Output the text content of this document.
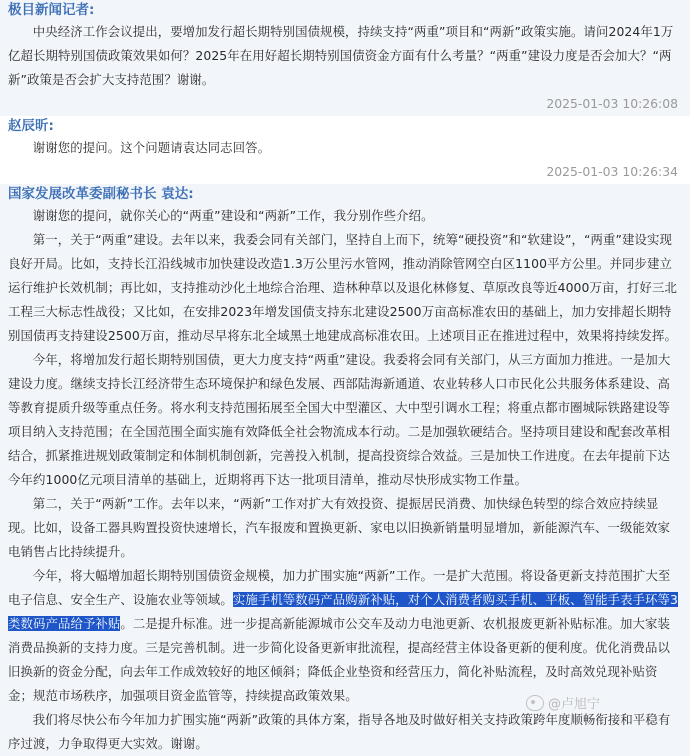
极目新闻记者:

中央经济工作会议提出，要增加发行超长期特别国债规模，持续支持“两重”项目和“两新”政策实施。请问2024年1万亿超长期特别国债政策效果如何？2025年在用好超长期特别国债资金方面有什么考量？“两重”建设力度是否会加大？“两新”政策是否会扩大支持范围？谢谢。

2025-01-03 10:26:08
赵辰昕:

谢谢您的提问。这个问题请袁达同志回答。

2025-01-03 10:26:34
国家发展改革委副秘书长 袁达:

谢谢您的提问，就你关心的“两重”建设和“两新”工作，我分别作些介绍。

第一，关于“两重”建设。去年以来，我委会同有关部门，坚持自上而下，统筹“硬投资”和“软建设”，“两重”建设实现良好开局。比如，支持长江沿线城市加快建设改造1.3万公里污水管网，推动消除管网空白区1100平方公里。并同步建立运行维护长效机制；再比如，支持推动沙化土地综合治理、造林种草以及退化林修复、草原改良等近4000万亩，打好三北工程三大标志性战役；又比如，在安排2023年增发国债支持东北建设2500万亩高标准农田的基础上，加力安排超长期特别国债再支持建设2500万亩，推动尽早将东北全域黑土地建成高标准农田。上述项目正在推进过程中，效果将持续发挥。

今年，将增加发行超长期特别国债，更大力度支持“两重”建设。我委将会同有关部门，从三方面加力推进。一是加大建设力度。继续支持长江经济带生态环境保护和绿色发展、西部陆海新通道、农业转移人口市民化公共服务体系建设、高等教育提质升级等重点任务。将水利支持范围拓展至全国大中型灌区、大中型引调水工程；将重点都市圈城际铁路建设等项目纳入支持范围；在全国范围全面实施有效降低全社会物流成本行动。二是加强软硬结合。坚持项目建设和配套改革相结合，抓紧推进规划政策制定和体制机制创新，完善投入机制，提高投资综合效益。三是加快工作进度。在去年提前下达今年约1000亿元项目清单的基础上，近期将再下达一批项目清单，推动尽快形成实物工作量。

第二，关于“两新”工作。去年以来，“两新”工作对扩大有效投资、提振居民消费、加快绿色转型的综合效应持续显现。比如，设备工器具购置投资快速增长，汽车报废和置换更新、家电以旧换新销量明显增加，新能源汽车、一级能效家电销售占比持续提升。

今年，将大幅增加超长期特别国债资金规模，加力扩围实施“两新”工作。一是扩大范围。将设备更新支持范围扩大至电子信息、安全生产、设施农业等领域。实施手机等数码产品购新补贴，对个人消费者购买手机、平板、智能手表手环等3类数码产品给予补贴。二是提升标准。进一步提高新能源城市公交车及动力电池更新、农机报废更新补贴标准。加大家装消费品换新的支持力度。三是完善机制。进一步简化设备更新审批流程，提高经营主体设备更新的便利度。优化消费品以旧换新的资金分配，向去年工作成效较好的地区倾斜；降低企业垫资和经营压力，简化补贴流程，及时高效兑现补贴资金；规范市场秩序，加强项目资金监管等，持续提高政策效果。

我们将尽快公布今年加力扩围实施“两新”政策的具体方案，指导各地及时做好相关支持政策跨年度顺畅衔接和平稳有序过渡，力争取得更大实效。谢谢。

@卢旭宁
